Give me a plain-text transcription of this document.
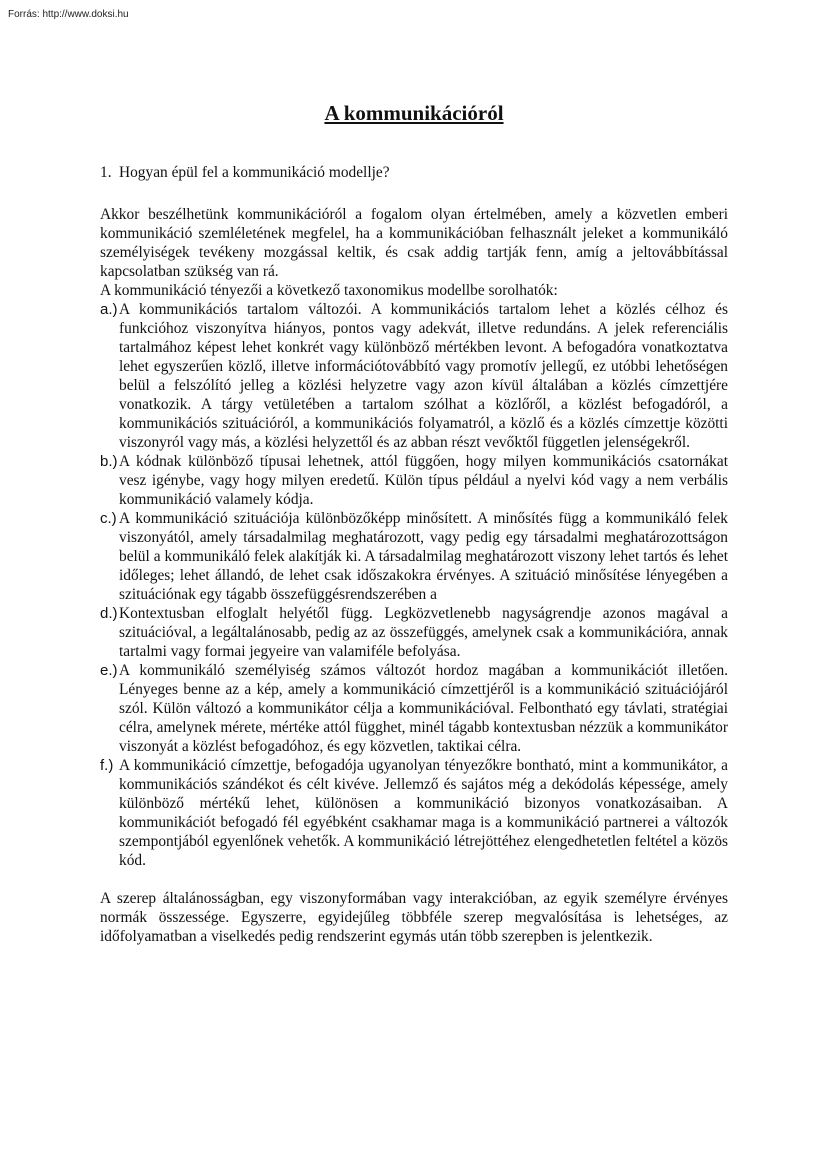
Forrás: http://www.doksi.hu
A kommunikációról
1. Hogyan épül fel a kommunikáció modellje?

Akkor beszélhetünk kommunikációról a fogalom olyan értelmében, amely a közvetlen emberi kommunikáció szemléletének megfelel, ha a kommunikációban felhasznált jeleket a kommunikáló személyiségek tevékeny mozgással keltik, és csak addig tartják fenn, amíg a jeltovábbítással kapcsolatban szükség van rá.

A kommunikáció tényezői a következő taxonomikus modellbe sorolhatók:

a.) A kommunikációs tartalom változói. A kommunikációs tartalom lehet a közlés célhoz és funkcióhoz viszonyítva hiányos, pontos vagy adekvát, illetve redundáns. A jelek referenciális tartalmához képest lehet konkrét vagy különböző mértékben levont. A befogadóra vonatkoztatva lehet egyszerűen közlő, illetve információtovábbító vagy promotív jellegű, ez utóbbi lehetőségen belül a felszólító jelleg a közlési helyzetre vagy azon kívül általában a közlés címzettjére vonatkozik. A tárgy vetületében a tartalom szólhat a közlőről, a közlést befogadóról, a kommunikációs szituációról, a kommunikációs folyamatról, a közlő és a közlés címzettje közötti viszonyról vagy más, a közlési helyzettől és az abban részt vevőktől független jelenségekről.
b.) A kódnak különböző típusai lehetnek, attól függően, hogy milyen kommunikációs csatornákat vesz igénybe, vagy hogy milyen eredetű. Külön típus például a nyelvi kód vagy a nem verbális kommunikáció valamely kódja.
c.) A kommunikáció szituációja különbözőképp minősített. A minősítés függ a kommunikáló felek viszonyától, amely társadalmilag meghatározott, vagy pedig egy társadalmi meghatározottságon belül a kommunikáló felek alakítják ki. A társadalmilag meghatározott viszony lehet tartós és lehet időleges; lehet állandó, de lehet csak időszakokra érvényes. A szituáció minősítése lényegében a szituációnak egy tágabb összefüggésrendszerében a
d.) Kontextusban elfoglalt helyétől függ. Legközvetlenebb nagyságrendje azonos magával a szituációval, a legáltalánosabb, pedig az az összefüggés, amelynek csak a kommunikációra, annak tartalmi vagy formai jegyeire van valamiféle befolyása.
e.) A kommunikáló személyiség számos változót hordoz magában a kommunikációt illetően. Lényeges benne az a kép, amely a kommunikáció címzettjéről is a kommunikáció szituációjáról szól. Külön változó a kommunikátor célja a kommunikációval. Felbontható egy távlati, stratégiai célra, amelynek mérete, mértéke attól függhet, minél tágabb kontextusban nézzük a kommunikátor viszonyát a közlést befogadóhoz, és egy közvetlen, taktikai célra.
f.) A kommunikáció címzettje, befogadója ugyanolyan tényezőkre bontható, mint a kommunikátor, a kommunikációs szándékot és célt kivéve. Jellemző és sajátos még a dekódolás képessége, amely különböző mértékű lehet, különösen a kommunikáció bizonyos vonatkozásaiban. A kommunikációt befogadó fél egyébként csakhamar maga is a kommunikáció partnerei a változók szempontjából egyenlőnek vehetők. A kommunikáció létrejöttéhez elengedhetetlen feltétel a közös kód.

A szerep általánosságban, egy viszonyformában vagy interakcióban, az egyik személyre érvényes normák összessége. Egyszerre, egyidejűleg többféle szerep megvalósítása is lehetséges, az időfolyamatban a viselkedés pedig rendszerint egymás után több szerepben is jelentkezik.
